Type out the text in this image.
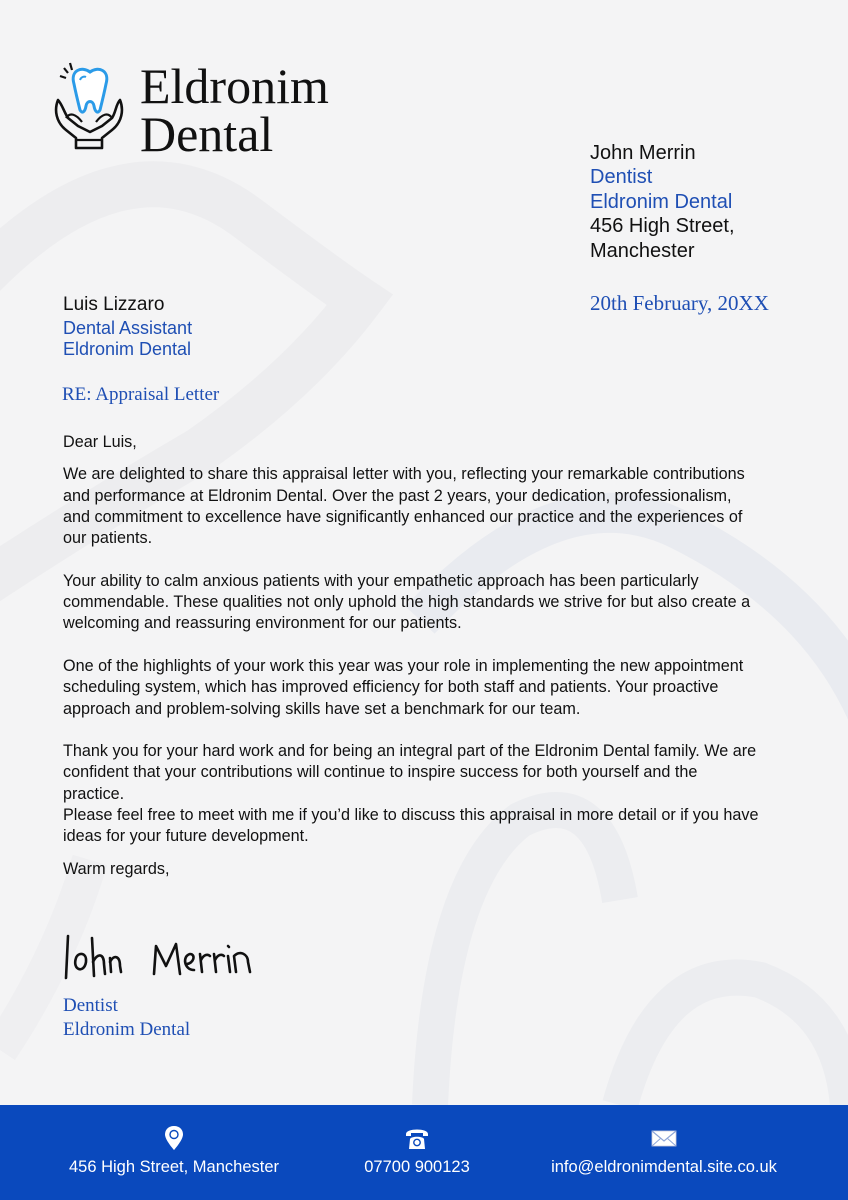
Eldronim
Dental	John Merrin
Dentist
Eldronim Dental
456 High Street,
Manchester
20th February, 20XX
Luis Lizzaro
Dental Assistant
Eldronim Dental
RE: Appraisal Letter

Dear Luis,

We are delighted to share this appraisal letter with you, reflecting your remarkable contributions and performance at Eldronim Dental. Over the past 2 years, your dedication, professionalism, and commitment to excellence have significantly enhanced our practice and the experiences of our patients.

Your ability to calm anxious patients with your empathetic approach has been particularly commendable. These qualities not only uphold the high standards we strive for but also create a welcoming and reassuring environment for our patients.

One of the highlights of your work this year was your role in implementing the new appointment scheduling system, which has improved efficiency for both staff and patients. Your proactive approach and problem-solving skills have set a benchmark for our team.

Thank you for your hard work and for being an integral part of the Eldronim Dental family. We are confident that your contributions will continue to inspire success for both yourself and the practice.

Please feel free to meet with me if you’d like to discuss this appraisal in more detail or if you have ideas for your future development.

Warm regards,

Dentist
Eldronim Dental
456 High Street, Manchester	07700 900123	info@eldronimdental.site.co.uk
